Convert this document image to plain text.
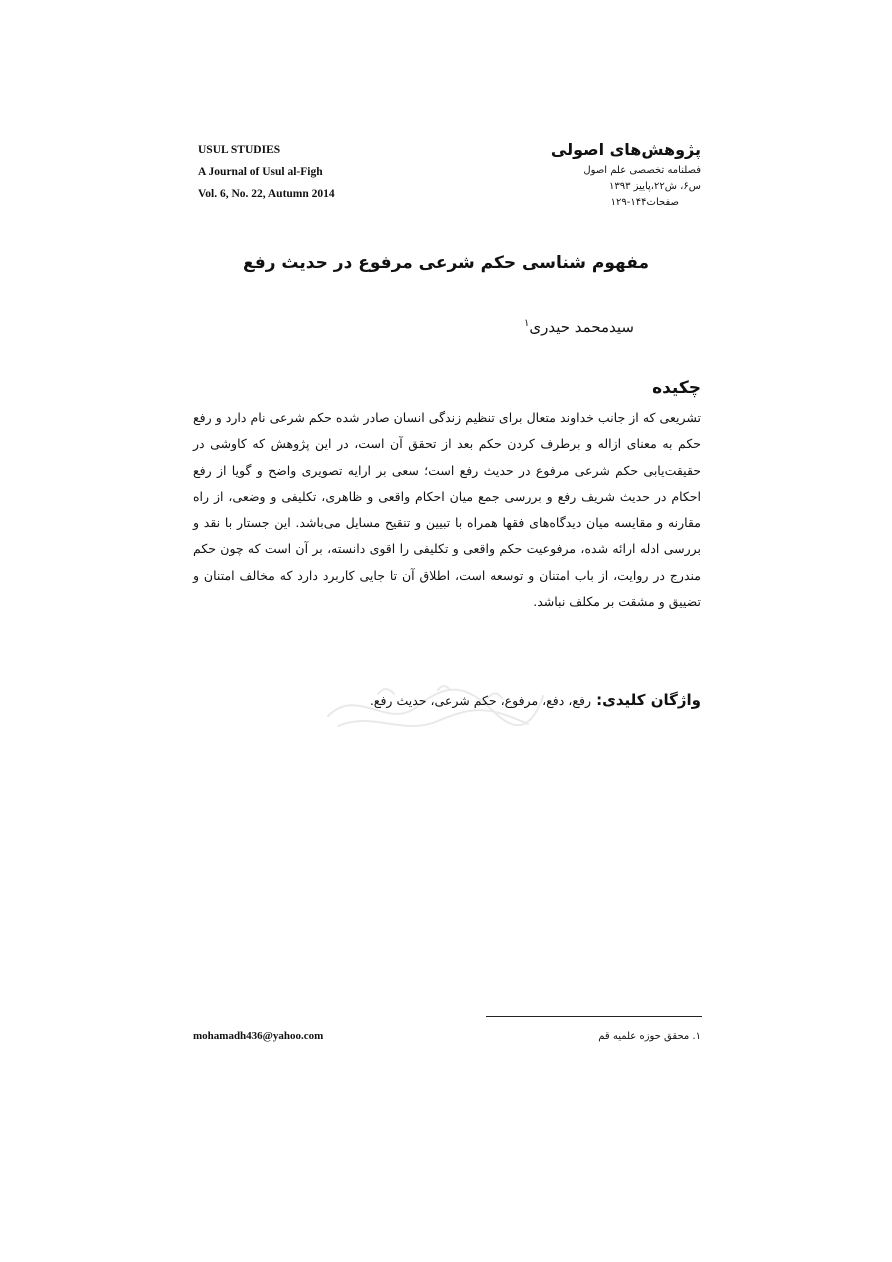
USUL STUDIES
A Journal of Usul al-Figh
Vol. 6, No. 22, Autumn 2014
پژوهش‌های اصولی
فصلنامه تخصصی علم اصول
س۶، ش۲۲،پاییز ۱۳۹۳
صفحات۱۴۴-۱۲۹
مفهوم شناسی حکم شرعی مرفوع در حدیث رفع
سیدمحمد حیدری$^۱$
چکیده
تشریعی که از جانب خداوند متعال برای تنظیم زندگی انسان صادر شده حکم شرعی نام دارد و رفع حکم به معنای ازاله و برطرف کردن حکم بعد از تحقق آن است، در این پژوهش که کاوشی در حقیقت‌یابی حکم شرعی مرفوع در حدیث رفع است؛ سعی بر ارایه تصویری واضح و گویا از رفع احکام در حدیث شریف رفع و بررسی جمع میان احکام واقعی و ظاهری، تکلیفی و وضعی، از راه مقارنه و مقایسه میان دیدگاه‌های فقها همراه با تبیین و تنقیح مسایل می‌باشد. این جستار با نقد و بررسی ادله ارائه شده، مرفوعیت حکم واقعی و تکلیفی را اقوی دانسته، بر آن است که چون حکم مندرج در روایت، از باب امتنان و توسعه است، اطلاق آن تا جایی کاربرد دارد که مخالف امتنان و تضییق و مشقت بر مکلف نباشد.
واژگان کلیدی: رفع، دفع، مرفوع، حکم شرعی، حدیث رفع.
۱. محقق حوزه علمیه قم
mohamadh436@yahoo.com
